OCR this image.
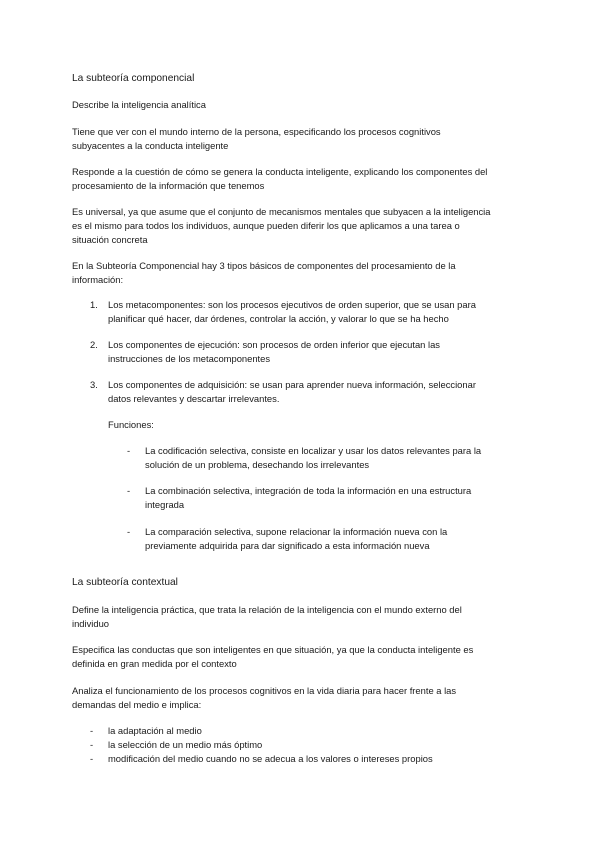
La subteoría componencial
Describe la inteligencia analítica
Tiene que ver con el mundo interno de la persona, especificando los procesos cognitivos
subyacentes a la conducta inteligente
Responde a la cuestión de cómo se genera la conducta inteligente, explicando los componentes del
procesamiento de la información que tenemos
Es universal, ya que asume que el conjunto de mecanismos mentales que subyacen a la inteligencia
es el mismo para todos los individuos, aunque pueden diferir los que aplicamos a una tarea o
situación concreta
En la Subteoría Componencial hay 3 tipos básicos de componentes del procesamiento de la
información:
1. Los metacomponentes: son los procesos ejecutivos de orden superior, que se usan para
planificar qué hacer, dar órdenes, controlar la acción, y valorar lo que se ha hecho
2. Los componentes de ejecución: son procesos de orden inferior que ejecutan las
instrucciones de los metacomponentes
3. Los componentes de adquisición: se usan para aprender nueva información, seleccionar
datos relevantes y descartar irrelevantes.
Funciones:
- La codificación selectiva, consiste en localizar y usar los datos relevantes para la
solución de un problema, desechando los irrelevantes
- La combinación selectiva, integración de toda la información en una estructura
integrada
- La comparación selectiva, supone relacionar la información nueva con la
previamente adquirida para dar significado a esta información nueva
La subteoría contextual
Define la inteligencia práctica, que trata la relación de la inteligencia con el mundo externo del
individuo
Especifica las conductas que son inteligentes en que situación, ya que la conducta inteligente es
definida en gran medida por el contexto
Analiza el funcionamiento de los procesos cognitivos en la vida diaria para hacer frente a las
demandas del medio e implica:
- la adaptación al medio
- la selección de un medio más óptimo
- modificación del medio cuando no se adecua a los valores o intereses propios
